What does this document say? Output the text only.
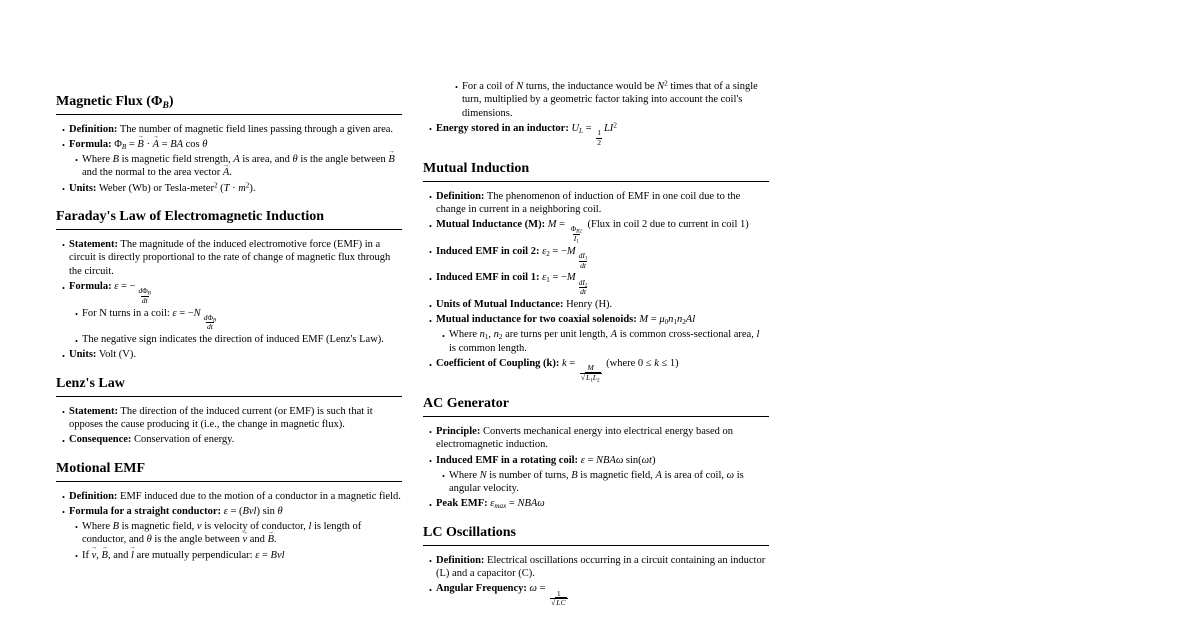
Magnetic Flux $(\Phi_B)$
• Definition: The number of magnetic field lines passing through a given area.
• Formula: $\Phi_B = B$ → · A → = BA cos θ
• Where B is magnetic field strength, A is area, and θ is the angle between B → and the normal to the area vector A →.
• Units: Weber (Wb) or Tesla-meter$^2$ $(T \cdot m^2)$.
Faraday's Law of Electromagnetic Induction
• Statement: The magnitude of the induced electromotive force (EMF) in a circuit is directly proportional to the rate of change of magnetic flux through the circuit.
• Formula: ε = −
$\frac{d\Phi_B}{dt}$
• For N turns in a coil: ε = −N
$\frac{d\Phi_B}{dt}$
• The negative sign indicates the direction of induced EMF (Lenz's Law).
• Units: Volt (V).
Lenz's Law
• Statement: The direction of the induced current (or EMF) is such that it opposes the cause producing it (i.e., the change in magnetic flux).
• Consequence: Conservation of energy.
Motional EMF
• Definition: EMF induced due to the motion of a conductor in a magnetic field.
• Formula for a straight conductor: ε = (Bvl) sin θ
• Where B is magnetic field, v is velocity of conductor, l is length of conductor, and θ is the angle between v → and B →.
• If v →, B →, and l → are mutually perpendicular: ε = Bvl
• For a coil of N turns, the inductance would be $N^2$ times that of a single turn, multiplied by a geometric factor taking into account the coil's dimensions.
• Energy stored in an inductor: $U_L$ =
$\frac{1}{2}$
$LI^2$
Mutual Induction
• Definition: The phenomenon of induction of EMF in one coil due to the change in current in a neighboring coil.
• Mutual Inductance (M): M =
$\frac{\Phi_{B2}}{I_1}$
(Flux in coil 2 due to current in coil 1)
• Induced EMF in coil 2: $\varepsilon_2 = -M$
$\frac{dI_1}{dt}$
• Induced EMF in coil 1: $\varepsilon_1 = -M$
$\frac{dI_2}{dt}$
• Units of Mutual Inductance: Henry (H).
• Mutual inductance for two coaxial solenoids: $M = \mu_0n_1n_2Al$
• Where $n_1$, $n_2$ are turns per unit length, A is common cross-sectional area, l is common length.
• Coefficient of Coupling (k): k =
$\frac{M}{√L_1L_2}$
(where 0 ≤ k ≤ 1)
AC Generator
• Principle: Converts mechanical energy into electrical energy based on electromagnetic induction.
• Induced EMF in a rotating coil: ε = NBAω sin(ωt)
• Where N is number of turns, B is magnetic field, A is area of coil, ω is angular velocity.
• Peak EMF: $\varepsilon_{max} = NBA\omega$
LC Oscillations
• Definition: Electrical oscillations occurring in a circuit containing an inductor (L) and a capacitor (C).
• Angular Frequency: ω =
$\frac{1}{√LC}$
